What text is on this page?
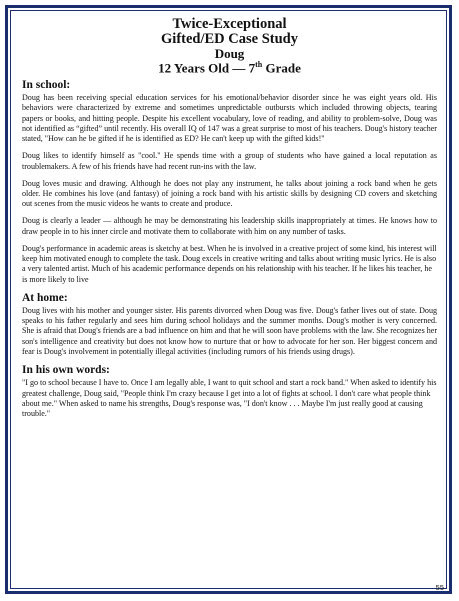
Twice-Exceptional
Gifted/ED Case Study
Doug
12 Years Old — 7th Grade
In school:

Doug has been receiving special education services for his emotional/behavior disorder since he was eight years old. His behaviors were characterized by extreme and sometimes unpredictable outbursts which included throwing objects, tearing papers or books, and hitting people. Despite his excellent vocabulary, love of reading, and ability to problem-solve, Doug was not identified as “gifted” until recently. His overall IQ of 147 was a great surprise to most of his teachers. Doug's history teacher stated, "How can he be gifted if he is identified as ED? He can't keep up with the gifted kids!"

Doug likes to identify himself as "cool." He spends time with a group of students who have gained a local reputation as troublemakers. A few of his friends have had recent run-ins with the law.

Doug loves music and drawing. Although he does not play any instrument, he talks about joining a rock band when he gets older. He combines his love (and fantasy) of joining a rock band with his artistic skills by designing CD covers and sketching out scenes from the music videos he wants to create and produce.

Doug is clearly a leader — although he may be demonstrating his leadership skills inappropriately at times. He knows how to draw people in to his inner circle and motivate them to collaborate with him on any number of tasks.

Doug's performance in academic areas is sketchy at best. When he is involved in a creative project of some kind, his interest will keep him motivated enough to complete the task. Doug excels in creative writing and talks about writing music lyrics. He is also a very talented artist. Much of his academic performance depends on his relationship with his teacher. If he likes his teacher, he is more likely to live

At home:

Doug lives with his mother and younger sister. His parents divorced when Doug was five. Doug's father lives out of state. Doug speaks to his father regularly and sees him during school holidays and the summer months. Doug's mother is very concerned. She is afraid that Doug's friends are a bad influence on him and that he will soon have problems with the law. She recognizes her son's intelligence and creativity but does not know how to nurture that or how to advocate for her son. Her biggest concern and fear is Doug's involvement in potentially illegal activities (including rumors of his friends using drugs).

In his own words:

"I go to school because I have to. Once I am legally able, I want to quit school and start a rock band." When asked to identify his greatest challenge, Doug said, "People think I'm crazy because I get into a lot of fights at school. I don't care what people think about me." When asked to name his strengths, Doug's response was, "I don't know . . . Maybe I'm just really good at causing trouble."

55
